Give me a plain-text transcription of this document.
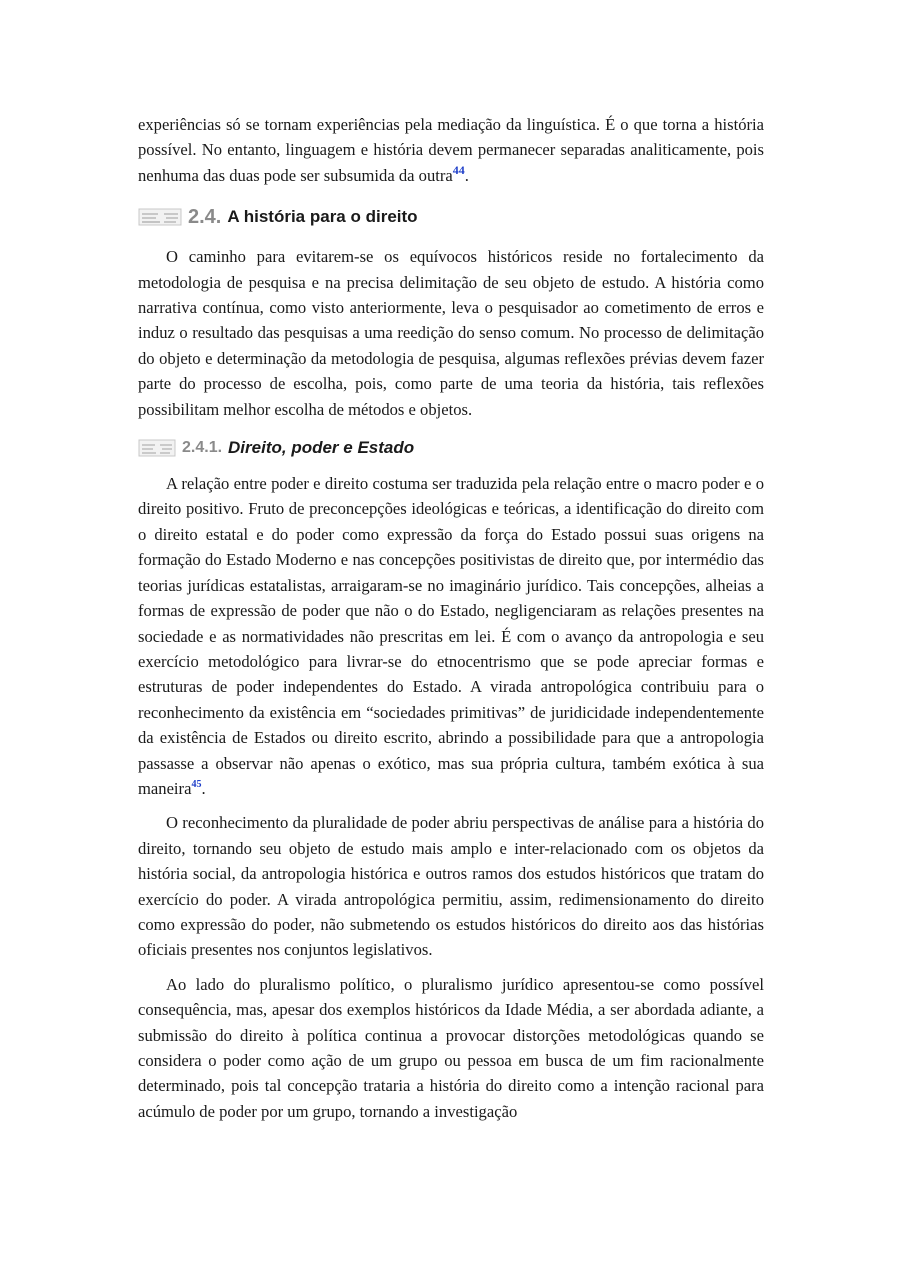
experiências só se tornam experiências pela mediação da linguística. É o que torna a história possível. No entanto, linguagem e história devem permanecer separadas analiticamente, pois nenhuma das duas pode ser subsumida da outra$^{44}$.

2.4. A história para o direito

O caminho para evitarem-se os equívocos históricos reside no fortalecimento da metodologia de pesquisa e na precisa delimitação de seu objeto de estudo. A história como narrativa contínua, como visto anteriormente, leva o pesquisador ao cometimento de erros e induz o resultado das pesquisas a uma reedição do senso comum. No processo de delimitação do objeto e determinação da metodologia de pesquisa, algumas reflexões prévias devem fazer parte do processo de escolha, pois, como parte de uma teoria da história, tais reflexões possibilitam melhor escolha de métodos e objetos.

2.4.1. Direito, poder e Estado

A relação entre poder e direito costuma ser traduzida pela relação entre o macro poder e o direito positivo. Fruto de preconcepções ideológicas e teóricas, a identificação do direito com o direito estatal e do poder como expressão da força do Estado possui suas origens na formação do Estado Moderno e nas concepções positivistas de direito que, por intermédio das teorias jurídicas estatalistas, arraigaram-se no imaginário jurídico. Tais concepções, alheias a formas de expressão de poder que não o do Estado, negligenciaram as relações presentes na sociedade e as normatividades não prescritas em lei. É com o avanço da antropologia e seu exercício metodológico para livrar-se do etnocentrismo que se pode apreciar formas e estruturas de poder independentes do Estado. A virada antropológica contribuiu para o reconhecimento da existência em “sociedades primitivas” de juridicidade independentemente da existência de Estados ou direito escrito, abrindo a possibilidade para que a antropologia passasse a observar não apenas o exótico, mas sua própria cultura, também exótica à sua maneira$^{45}$.

O reconhecimento da pluralidade de poder abriu perspectivas de análise para a história do direito, tornando seu objeto de estudo mais amplo e inter-relacionado com os objetos da história social, da antropologia histórica e outros ramos dos estudos históricos que tratam do exercício do poder. A virada antropológica permitiu, assim, redimensionamento do direito como expressão do poder, não submetendo os estudos históricos do direito aos das histórias oficiais presentes nos conjuntos legislativos.

Ao lado do pluralismo político, o pluralismo jurídico apresentou-se como possível consequência, mas, apesar dos exemplos históricos da Idade Média, a ser abordada adiante, a submissão do direito à política continua a provocar distorções metodológicas quando se considera o poder como ação de um grupo ou pessoa em busca de um fim racionalmente determinado, pois tal concepção trataria a história do direito como a intenção racional para acúmulo de poder por um grupo, tornando a investigação
